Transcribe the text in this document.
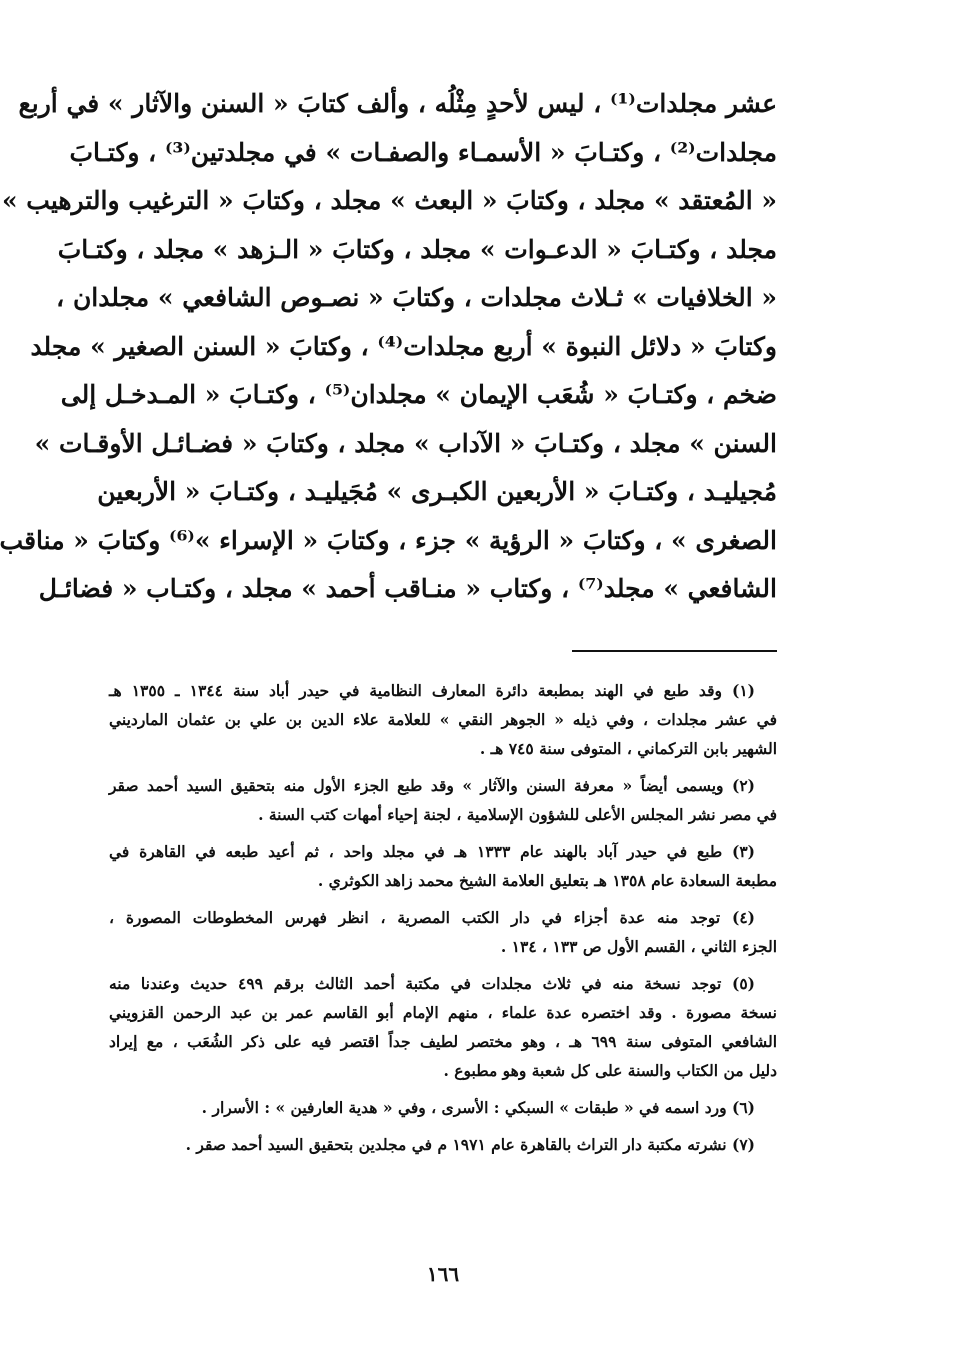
عشر مجلدات⁽¹⁾ ، ليس لأحدٍ مِثْلُه ، وألف كتابَ « السنن والآثار » في أربع
مجلدات⁽²⁾ ، وكتـابَ « الأسمـاء والصفـات » في مجلدتين⁽³⁾ ، وكتـابَ
« المُعتقد » مجلد ، وكتابَ « البعث » مجلد ، وكتابَ « الترغيب والترهيب »
مجلد ، وكتـابَ « الدعـوات » مجلد ، وكتابَ « الـزهد » مجلد ، وكتـابَ
« الخلافيات » ثـلاث مجلدات ، وكتابَ « نصـوص الشافعي » مجلدان ،
وكتابَ « دلائل النبوة » أربع مجلدات⁽⁴⁾ ، وكتابَ « السنن الصغير » مجلد
ضخم ، وكتـابَ « شُعَب الإيمان » مجلدان⁽⁵⁾ ، وكتـابَ « المـدخـل إلى
السنن » مجلد ، وكتـابَ « الآداب » مجلد ، وكتابَ « فضـائـل الأوقـات »
مُجيليـد ، وكتـابَ « الأربعين الكبـرى » مُجَيليـد ، وكتـابَ « الأربعين
الصغرى » ، وكتابَ « الرؤية » جزء ، وكتابَ « الإسراء »⁽⁶⁾ وكتابَ « مناقب
الشافعي » مجلد⁽⁷⁾ ، وكتاب « منـاقب أحمد » مجلد ، وكتـاب « فضائـل

(١) وقد طبع في الهند بمطبعة دائرة المعارف النظامية في حيدر أباد سنة ١٣٤٤ ـ ١٣٥٥ هـ
في عشر مجلدات ، وفي ذيله « الجوهر النقي » للعلامة علاء الدين بن علي بن عثمان المارديني
الشهير بابن التركماني ، المتوفى سنة ٧٤٥ هـ .

(٢) ويسمى أيضاً « معرفة السنن والآثار » وقد طبع الجزء الأول منه بتحقيق السيد أحمد صقر
في مصر نشر المجلس الأعلى للشؤون الإسلامية ، لجنة إحياء أمهات كتب السنة .

(٣) طبع في حيدر آباد بالهند عام ١٣٣٣ هـ في مجلد واحد ، ثم أعيد طبعه في القاهرة في
مطبعة السعادة عام ١٣٥٨ هـ بتعليق العلامة الشيخ محمد زاهد الكوثري .

(٤) توجد منه عدة أجزاء في دار الكتب المصرية ، انظر فهرس المخطوطات المصورة ،
الجزء الثاني ، القسم الأول ص ١٣٣ ، ١٣٤ .

(٥) توجد نسخة منه في ثلاث مجلدات في مكتبة أحمد الثالث برقم ٤٩٩ حديث وعندنا منه
نسخة مصورة . وقد اختصره عدة علماء ، منهم الإمام أبو القاسم عمر بن عبد الرحمن القزويني
الشافعي المتوفى سنة ٦٩٩ هـ ، وهو مختصر لطيف جداً اقتصر فيه على ذكر الشُعَب ، مع إيراد
دليل من الكتاب والسنة على كل شعبة وهو مطبوع .

(٦) ورد اسمه في « طبقات » السبكي : الأسرى ، وفي « هدية العارفين » : الأسرار .

(٧) نشرته مكتبة دار التراث بالقاهرة عام ١٩٧١ م في مجلدين بتحقيق السيد أحمد صقر .

١٦٦
